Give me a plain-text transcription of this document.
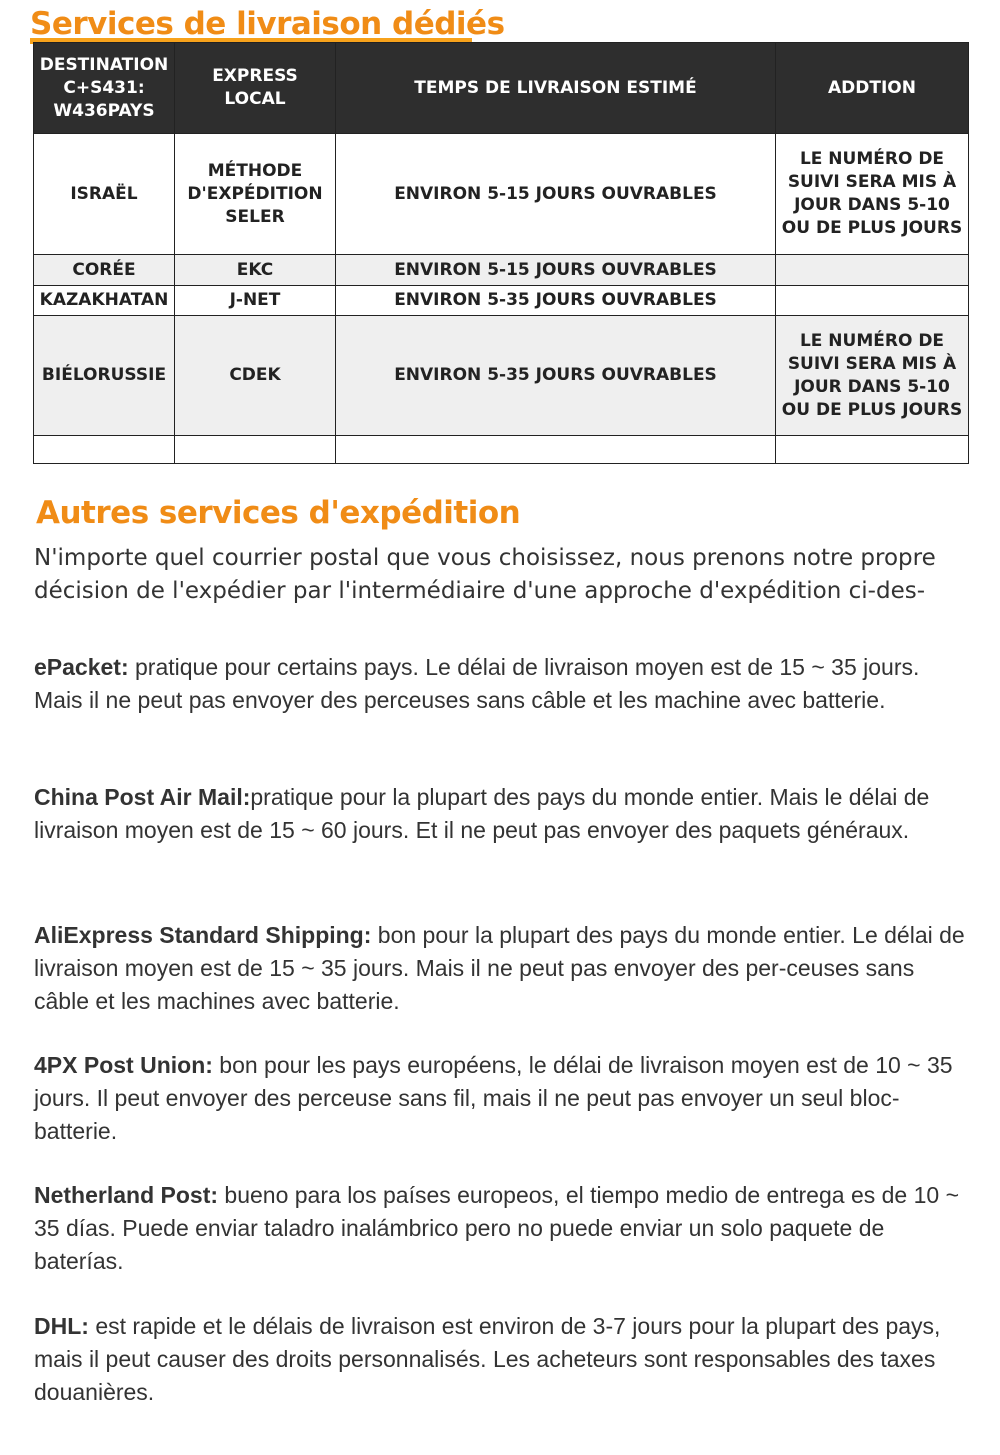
Services de livraison dédiés
DESTINATION C+S431: W436PAYS	EXPRESS LOCAL	TEMPS DE LIVRAISON ESTIMÉ	ADDTION
ISRAËL	MÉTHODE D'EXPÉDITION SELER	ENVIRON 5-15 JOURS OUVRABLES	LE NUMÉRO DE SUIVI SERA MIS À JOUR DANS 5-10 OU DE PLUS JOURS
CORÉE	EKC	ENVIRON 5-15 JOURS OUVRABLES	
KAZAKHATAN	J-NET	ENVIRON 5-35 JOURS OUVRABLES	
BIÉLORUSSIE	CDEK	ENVIRON 5-35 JOURS OUVRABLES	LE NUMÉRO DE SUIVI SERA MIS À JOUR DANS 5-10 OU DE PLUS JOURS

Autres services d'expédition
N'importe quel courrier postal que vous choisissez, nous prenons notre propre
décision de l'expédier par l'intermédiaire d'une approche d'expédition ci-des-

ePacket: pratique pour certains pays. Le délai de livraison moyen est de 15 ~ 35 jours. Mais il ne peut pas envoyer des perceuses sans câble et les machine avec batterie.

China Post Air Mail:pratique pour la plupart des pays du monde entier. Mais le délai de livraison moyen est de 15 ~ 60 jours. Et il ne peut pas envoyer des paquets généraux.

AliExpress Standard Shipping: bon pour la plupart des pays du monde entier. Le délai de livraison moyen est de 15 ~ 35 jours. Mais il ne peut pas envoyer des per-ceuses sans câble et les machines avec batterie.

4PX Post Union: bon pour les pays européens, le délai de livraison moyen est de 10 ~ 35 jours. Il peut envoyer des perceuse sans fil, mais il ne peut pas envoyer un seul bloc-batterie.

Netherland Post: bueno para los países europeos, el tiempo medio de entrega es de 10 ~ 35 días. Puede enviar taladro inalámbrico pero no puede enviar un solo paquete de baterías.

DHL: est rapide et le délais de livraison est environ de 3-7 jours pour la plupart des pays, mais il peut causer des droits personnalisés. Les acheteurs sont responsables des taxes douanières.
